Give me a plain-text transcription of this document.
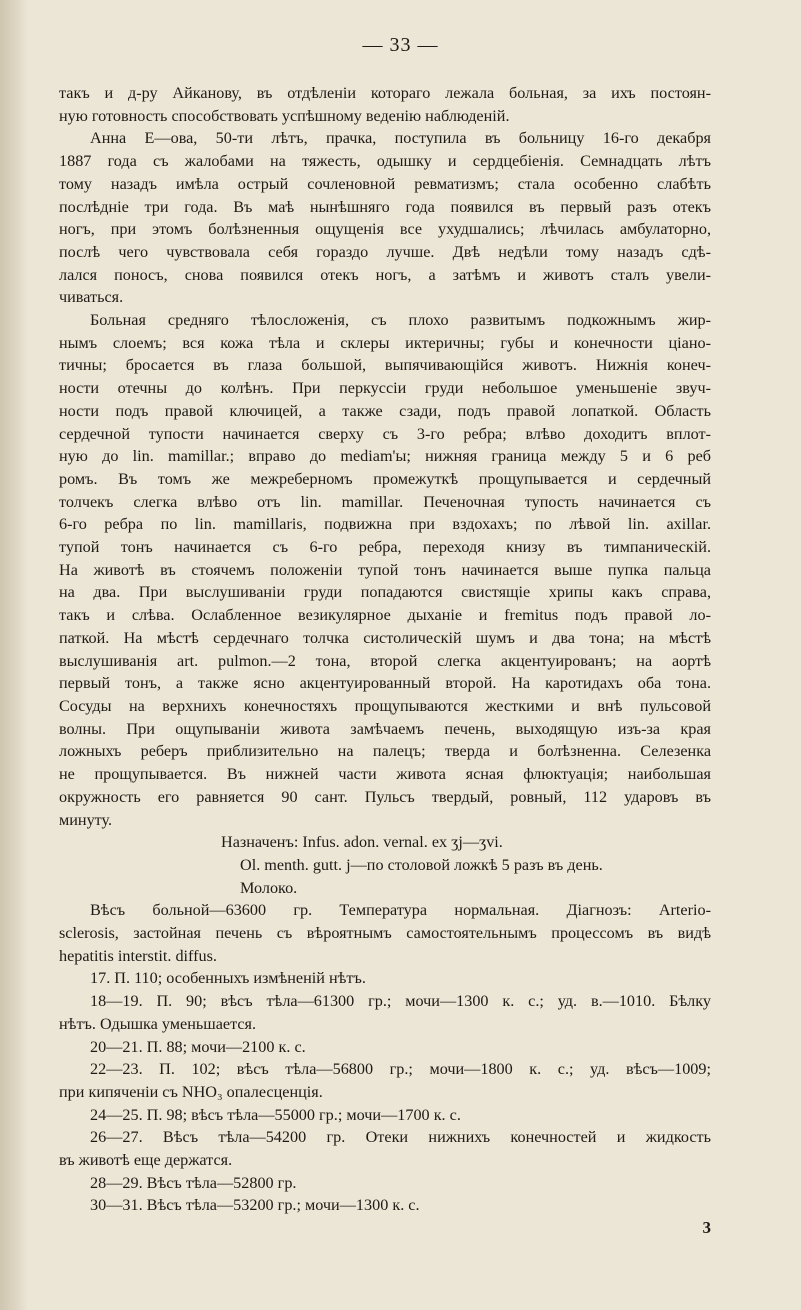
— 33 —
такъ и д-ру Айканову, въ отдѣленіи котораго лежала больная, за ихъ постоян-
ную готовность способствовать успѣшному веденію наблюденій.
Анна Е—ова, 50-ти лѣтъ, прачка, поступила въ больницу 16-го декабря
1887 года съ жалобами на тяжесть, одышку и сердцебіенія. Семнадцать лѣтъ
тому назадъ имѣла острый сочленовной ревматизмъ; стала особенно слабѣть
послѣдніе три года. Въ маѣ нынѣшняго года появился въ первый разъ отекъ
ногъ, при этомъ болѣзненныя ощущенія все ухудшались; лѣчилась амбулаторно,
послѣ чего чувствовала себя гораздо лучше. Двѣ недѣли тому назадъ сдѣ-
лался поносъ, снова появился отекъ ногъ, а затѣмъ и животъ сталъ увели-
чиваться.
Больная средняго тѣлосложенія, съ плохо развитымъ подкожнымъ жир-
нымъ слоемъ; вся кожа тѣла и склеры иктеричны; губы и конечности ціано-
тичны; бросается въ глаза большой, выпячивающійся животъ. Нижнія конеч-
ности отечны до колѣнъ. При перкуссіи груди небольшое уменьшеніе звуч-
ности подъ правой ключицей, а также сзади, подъ правой лопаткой. Область
сердечной тупости начинается сверху съ 3-го ребра; влѣво доходитъ вплот-
ную до lin. mamillar.; вправо до mediam'ы; нижняя граница между 5 и 6 реб
ромъ. Въ томъ же межреберномъ промежуткѣ прощупывается и сердечный
толчекъ слегка влѣво отъ lin. mamillar. Печеночная тупость начинается съ
6-го ребра по lin. mamillaris, подвижна при вздохахъ; по лѣвой lin. axillar.
тупой тонъ начинается съ 6-го ребра, переходя книзу въ тимпаническій.
На животѣ въ стоячемъ положеніи тупой тонъ начинается выше пупка пальца
на два. При выслушиваніи груди попадаются свистящіе хрипы какъ справа,
такъ и слѣва. Ослабленное везикулярное дыханіе и fremitus подъ правой ло-
паткой. На мѣстѣ сердечнаго толчка систолическій шумъ и два тона; на мѣстѣ
выслушиванія art. pulmon.—2 тона, второй слегка акцентуированъ; на аортѣ
первый тонъ, а также ясно акцентуированный второй. На каротидахъ оба тона.
Сосуды на верхнихъ конечностяхъ прощупываются жесткими и внѣ пульсовой
волны. При ощупываніи живота замѣчаемъ печень, выходящую изъ-за края
ложныхъ реберъ приблизительно на палецъ; тверда и болѣзненна. Селезенка
не прощупывается. Въ нижней части живота ясная флюктуація; наибольшая
окружность его равняется 90 сант. Пульсъ твердый, ровный, 112 ударовъ въ
минуту.
Назначенъ: Infus. adon. vernal. ex ʒj—ʒvi.
Ol. menth. gutt. j—по столовой ложкѣ 5 разъ въ день.
Молоко.
Вѣсъ больной—63600 гр. Температура нормальная. Діагнозъ: Arterio-
sclerosis, застойная печень съ вѣроятнымъ самостоятельнымъ процессомъ въ видѣ
hepatitis interstit. diffus.
17. П. 110; особенныхъ измѣненій нѣтъ.
18—19. П. 90; вѣсъ тѣла—61300 гр.; мочи—1300 к. с.; уд. в.—1010. Бѣлку
нѣтъ. Одышка уменьшается.
20—21. П. 88; мочи—2100 к. с.
22—23. П. 102; вѣсъ тѣла—56800 гр.; мочи—1800 к. с.; уд. вѣсъ—1009;
при кипяченіи съ NHO₃ опалесценція.
24—25. П. 98; вѣсъ тѣла—55000 гр.; мочи—1700 к. с.
26—27. Вѣсъ тѣла—54200 гр. Отеки нижнихъ конечностей и жидкость
въ животѣ еще держатся.
28—29. Вѣсъ тѣла—52800 гр.
30—31. Вѣсъ тѣла—53200 гр.; мочи—1300 к. с.
3
